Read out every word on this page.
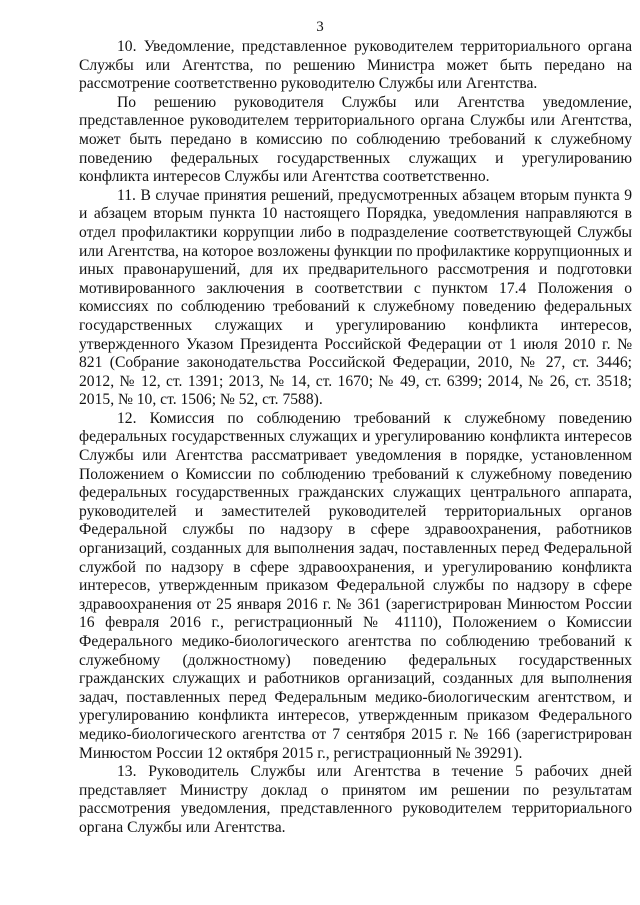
3

10. Уведомление, представленное руководителем территориального органа Службы или Агентства, по решению Министра может быть передано на рассмотрение соответственно руководителю Службы или Агентства.

По решению руководителя Службы или Агентства уведомление, представленное руководителем территориального органа Службы или Агентства, может быть передано в комиссию по соблюдению требований к служебному поведению федеральных государственных служащих и урегулированию конфликта интересов Службы или Агентства соответственно.

11. В случае принятия решений, предусмотренных абзацем вторым пункта 9 и абзацем вторым пункта 10 настоящего Порядка, уведомления направляются в отдел профилактики коррупции либо в подразделение соответствующей Службы или Агентства, на которое возложены функции по профилактике коррупционных и иных правонарушений, для их предварительного рассмотрения и подготовки мотивированного заключения в соответствии с пунктом 17.4 Положения о комиссиях по соблюдению требований к служебному поведению федеральных государственных служащих и урегулированию конфликта интересов, утвержденного Указом Президента Российской Федерации от 1 июля 2010 г. № 821 (Собрание законодательства Российской Федерации, 2010, № 27, ст. 3446; 2012, № 12, ст. 1391; 2013, № 14, ст. 1670; № 49, ст. 6399; 2014, № 26, ст. 3518; 2015, № 10, ст. 1506; № 52, ст. 7588).

12. Комиссия по соблюдению требований к служебному поведению федеральных государственных служащих и урегулированию конфликта интересов Службы или Агентства рассматривает уведомления в порядке, установленном Положением о Комиссии по соблюдению требований к служебному поведению федеральных государственных гражданских служащих центрального аппарата, руководителей и заместителей руководителей территориальных органов Федеральной службы по надзору в сфере здравоохранения, работников организаций, созданных для выполнения задач, поставленных перед Федеральной службой по надзору в сфере здравоохранения, и урегулированию конфликта интересов, утвержденным приказом Федеральной службы по надзору в сфере здравоохранения от 25 января 2016 г. № 361 (зарегистрирован Минюстом России 16 февраля 2016 г., регистрационный № 41110), Положением о Комиссии Федерального медико-биологического агентства по соблюдению требований к служебному (должностному) поведению федеральных государственных гражданских служащих и работников организаций, созданных для выполнения задач, поставленных перед Федеральным медико-биологическим агентством, и урегулированию конфликта интересов, утвержденным приказом Федерального медико-биологического агентства от 7 сентября 2015 г. № 166 (зарегистрирован Минюстом России 12 октября 2015 г., регистрационный № 39291).

13. Руководитель Службы или Агентства в течение 5 рабочих дней представляет Министру доклад о принятом им решении по результатам рассмотрения уведомления, представленного руководителем территориального органа Службы или Агентства.
